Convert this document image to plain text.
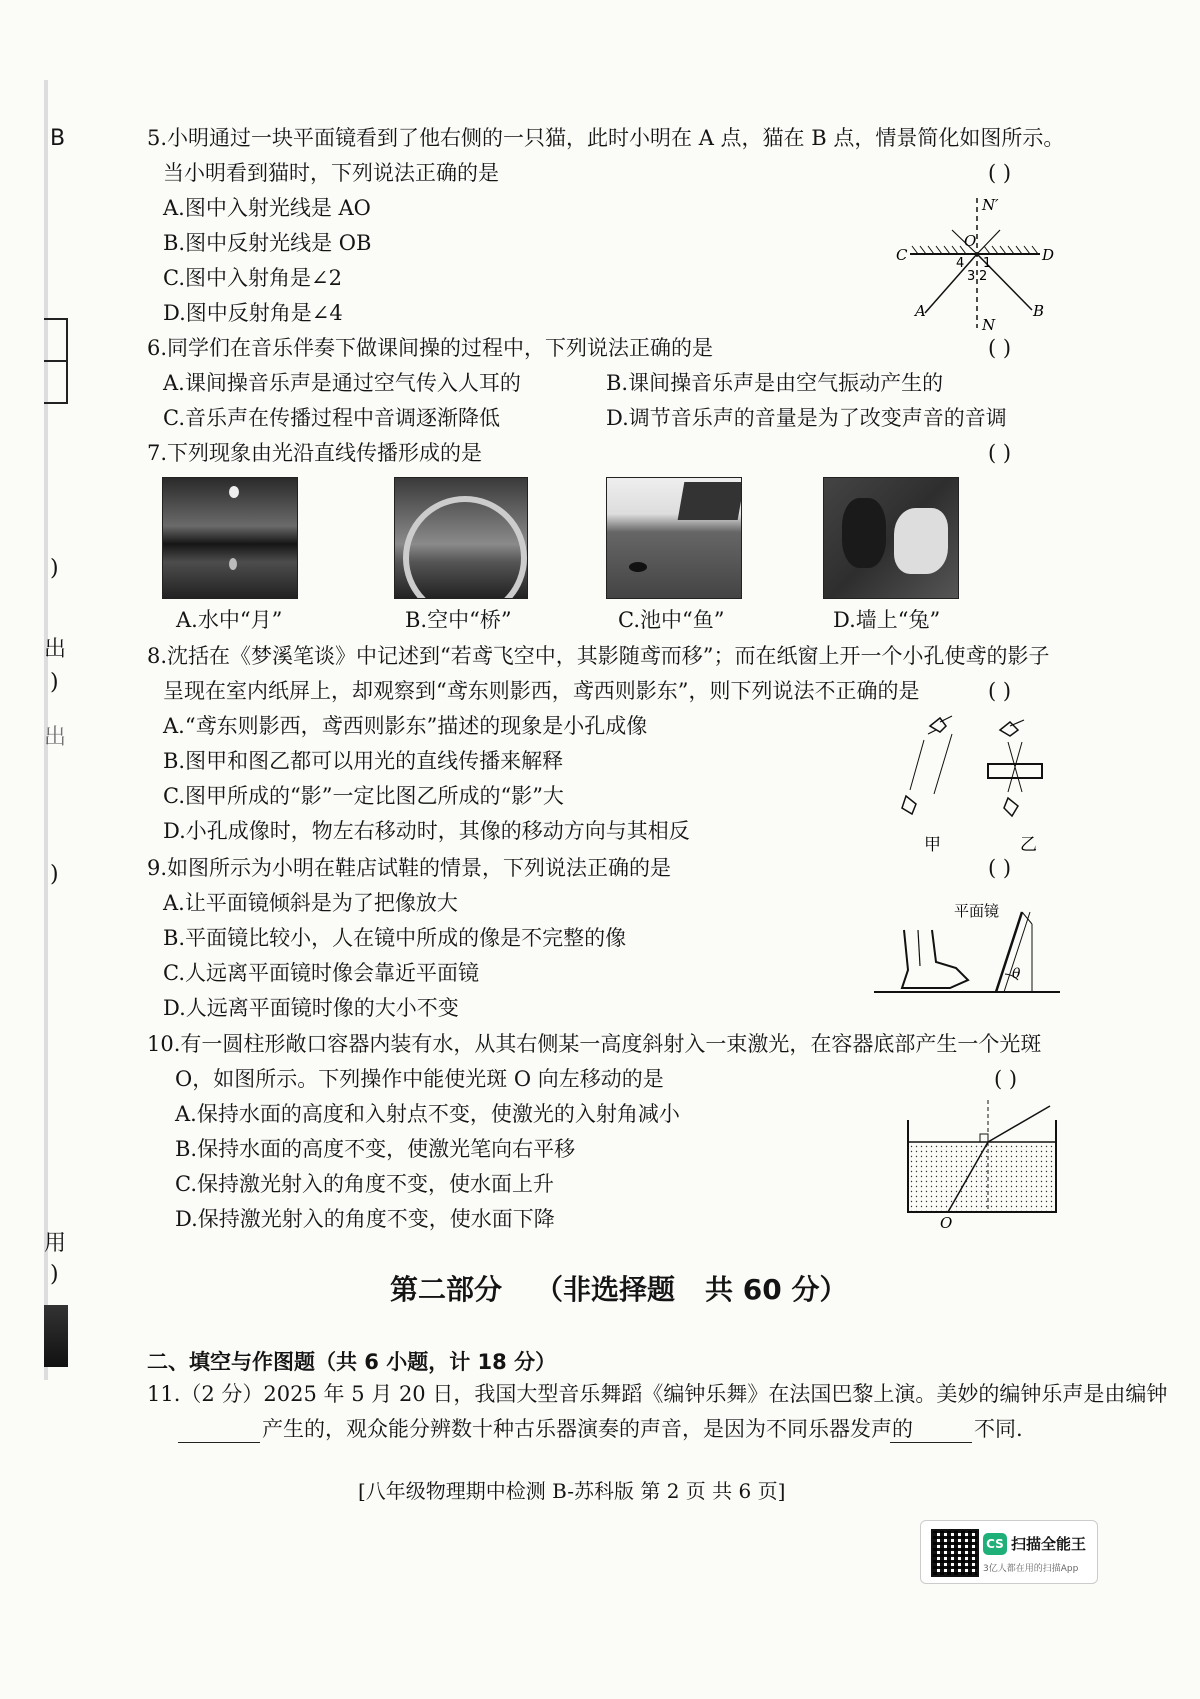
B
)
出
)
出
)
用
)
5.小明通过一块平面镜看到了他右侧的一只猫，此时小明在 A 点，猫在 B 点，情景简化如图所示。
当小明看到猫时，下列说法正确的是	( )
A.图中入射光线是 AO
B.图中反射光线是 OB
C.图中入射角是∠2
D.图中反射角是∠4
N′
O
C	D
1
4
3 2
A	B
N
6.同学们在音乐伴奏下做课间操的过程中，下列说法正确的是	( )
A.课间操音乐声是通过空气传入人耳的	B.课间操音乐声是由空气振动产生的
C.音乐声在传播过程中音调逐渐降低	D.调节音乐声的音量是为了改变声音的音调
7.下列现象由光沿直线传播形成的是	( )
A.水中“月”	B.空中“桥”	C.池中“鱼”	D.墙上“兔”
8.沈括在《梦溪笔谈》中记述到“若鸢飞空中，其影随鸢而移”；而在纸窗上开一个小孔使鸢的影子
呈现在室内纸屏上，却观察到“鸢东则影西，鸢西则影东”，则下列说法不正确的是	( )
A.“鸢东则影西，鸢西则影东”描述的现象是小孔成像
B.图甲和图乙都可以用光的直线传播来解释
C.图甲所成的“影”一定比图乙所成的“影”大
D.小孔成像时，物左右移动时，其像的移动方向与其相反
甲	乙
9.如图所示为小明在鞋店试鞋的情景，下列说法正确的是	( )
A.让平面镜倾斜是为了把像放大
B.平面镜比较小，人在镜中所成的像是不完整的像
C.人远离平面镜时像会靠近平面镜
D.人远离平面镜时像的大小不变
平面镜
θ
10.有一圆柱形敞口容器内装有水，从其右侧某一高度斜射入一束激光，在容器底部产生一个光斑
O，如图所示。下列操作中能使光斑 O 向左移动的是	( )
A.保持水面的高度和入射点不变，使激光的入射角减小
B.保持水面的高度不变，使激光笔向右平移
C.保持激光射入的角度不变，使水面上升
D.保持激光射入的角度不变，使水面下降	O
第二部分 （非选择题 共 60 分）
二、填空与作图题（共 6 小题，计 18 分）
11.（2 分）2025 年 5 月 20 日，我国大型音乐舞蹈《编钟乐舞》在法国巴黎上演。美妙的编钟乐声是由编钟
产生的，观众能分辨数十种古乐器演奏的声音，是因为不同乐器发声的	不同.
[八年级物理期中检测 B-苏科版 第 2 页 共 6 页]
CS 扫描全能王
3亿人都在用的扫描App
